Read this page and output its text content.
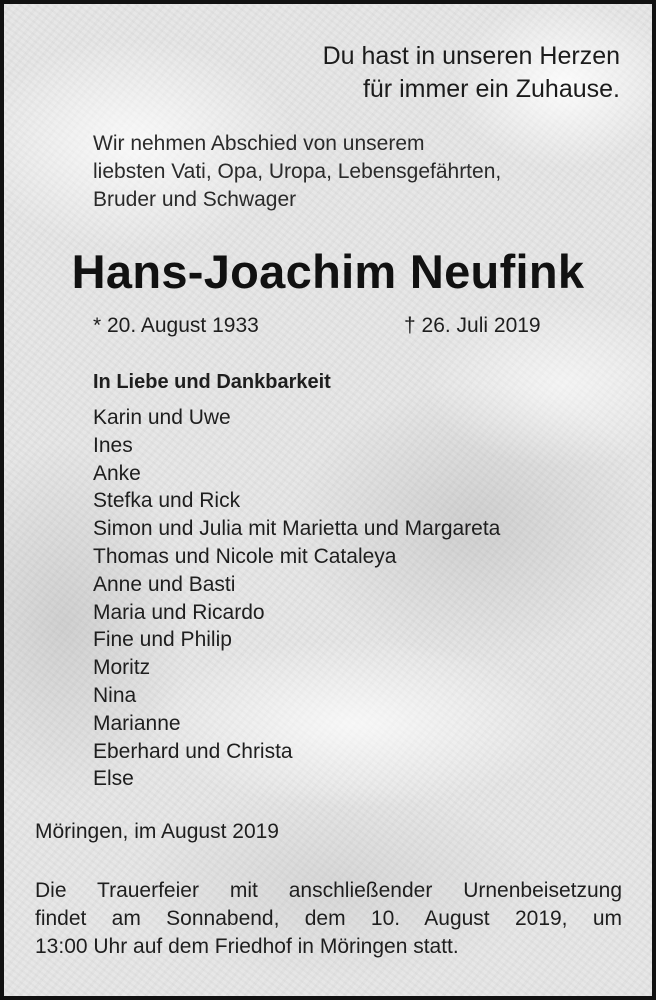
Du hast in unseren Herzen
für immer ein Zuhause.
Wir nehmen Abschied von unserem
liebsten Vati, Opa, Uropa, Lebensgefährten,
Bruder und Schwager
Hans-Joachim Neufink
* 20. August 1933	† 26. Juli 2019
In Liebe und Dankbarkeit
Karin und Uwe
Ines
Anke
Stefka und Rick
Simon und Julia mit Marietta und Margareta
Thomas und Nicole mit Cataleya
Anne und Basti
Maria und Ricardo
Fine und Philip
Moritz
Nina
Marianne
Eberhard und Christa
Else
Möringen, im August 2019
Die Trauerfeier mit anschließender Urnenbeisetzung
findet am Sonnabend, dem 10. August 2019, um
13:00 Uhr auf dem Friedhof in Möringen statt.
